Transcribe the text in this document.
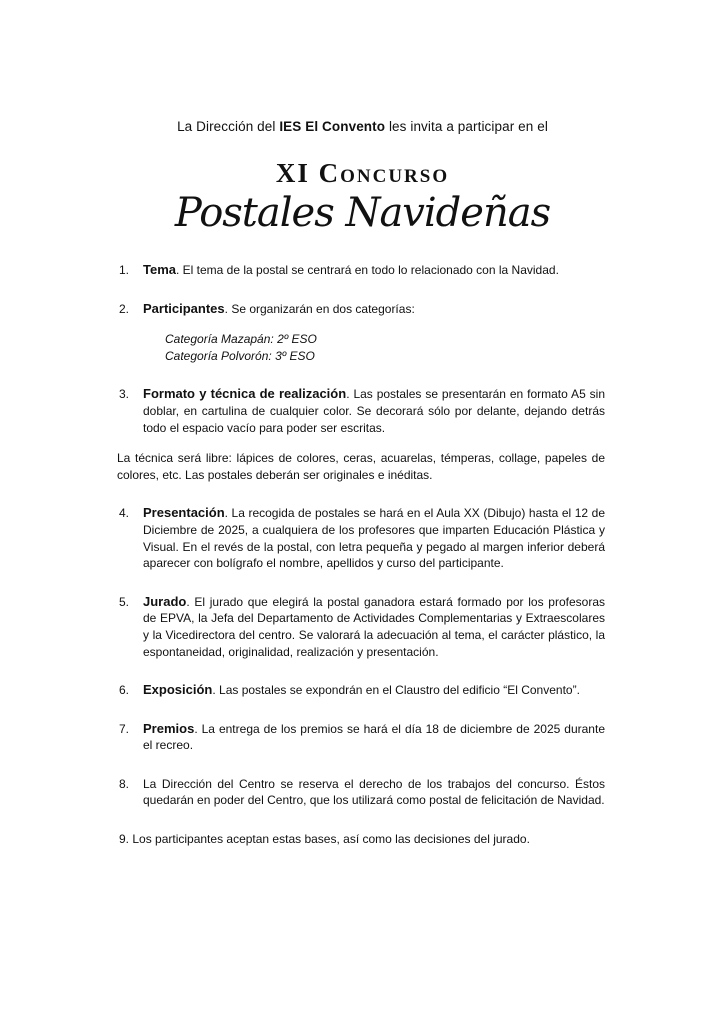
La Dirección del IES El Convento les invita a participar en el
XI Concurso
Postales Navideñas
1.	Tema. El tema de la postal se centrará en todo lo relacionado con la Navidad.
2.	Participantes. Se organizarán en dos categorías:
Categoría Mazapán: 2º ESO
Categoría Polvorón: 3º ESO
3.	Formato y técnica de realización. Las postales se presentarán en formato A5 sin doblar, en cartulina de cualquier color. Se decorará sólo por delante, dejando detrás todo el espacio vacío para poder ser escritas.
La técnica será libre: lápices de colores, ceras, acuarelas, témperas, collage, papeles de colores, etc. Las postales deberán ser originales e inéditas.
4.	Presentación. La recogida de postales se hará en el Aula XX (Dibujo) hasta el 12 de Diciembre de 2025, a cualquiera de los profesores que imparten Educación Plástica y Visual. En el revés de la postal, con letra pequeña y pegado al margen inferior deberá aparecer con bolígrafo el nombre, apellidos y curso del participante.
5.	Jurado. El jurado que elegirá la postal ganadora estará formado por los profesoras de EPVA, la Jefa del Departamento de Actividades Complementarias y Extraescolares y la Vicedirectora del centro. Se valorará la adecuación al tema, el carácter plástico, la espontaneidad, originalidad, realización y presentación.
6.	Exposición. Las postales se expondrán en el Claustro del edificio “El Convento”.
7.	Premios. La entrega de los premios se hará el día 18 de diciembre de 2025 durante el recreo.
8.	La Dirección del Centro se reserva el derecho de los trabajos del concurso. Éstos quedarán en poder del Centro, que los utilizará como postal de felicitación de Navidad.
9. Los participantes aceptan estas bases, así como las decisiones del jurado.
